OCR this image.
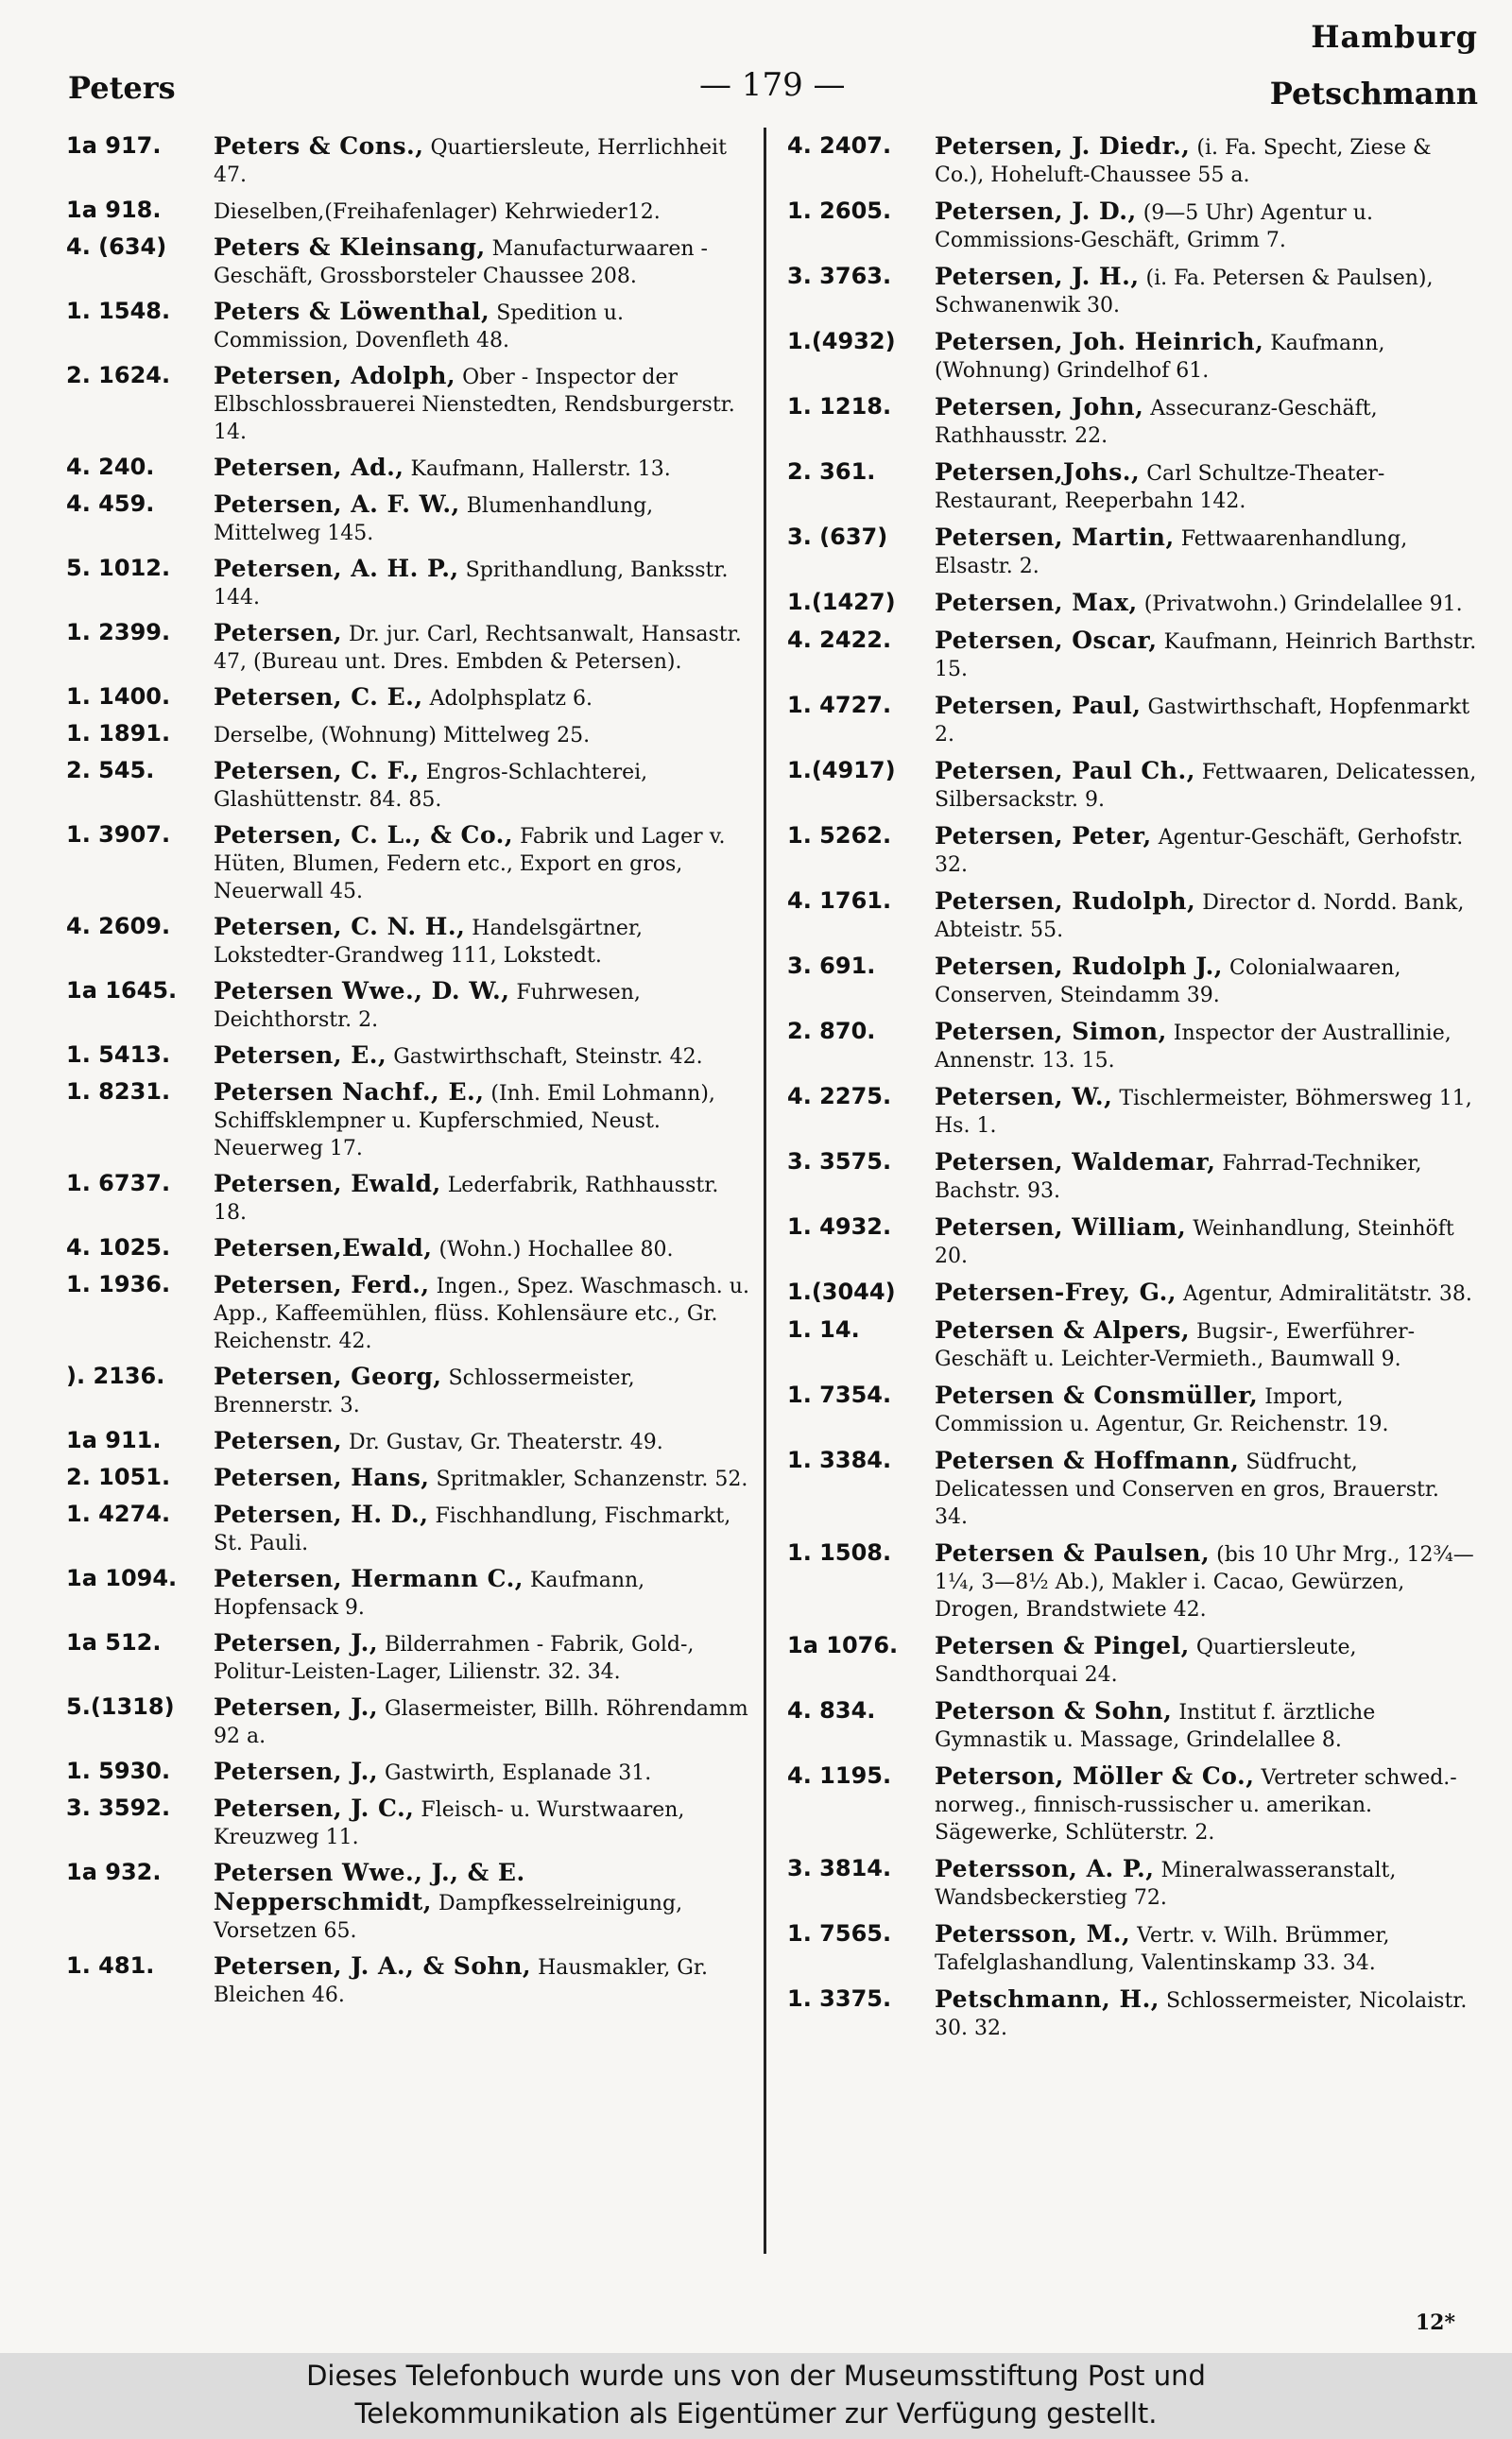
Hamburg
Peters	— 179 —	Petschmann
1a 917.	Peters & Cons., Quartiersleute, Herrlichheit 47.
1a 918.	Dieselben,(Freihafenlager) Kehrwieder12.
4. (634)	Peters & Kleinsang, Manufacturwaaren - Geschäft, Grossborsteler Chaussee 208.
1. 1548.	Peters & Löwenthal, Spedition u. Commission, Dovenfleth 48.
2. 1624.	Petersen, Adolph, Ober - Inspector der Elbschlossbrauerei Nienstedten, Rendsburgerstr. 14.
4. 240.	Petersen, Ad., Kaufmann, Hallerstr. 13.
4. 459.	Petersen, A. F. W., Blumenhandlung, Mittelweg 145.
5. 1012.	Petersen, A. H. P., Sprithandlung, Banksstr. 144.
1. 2399.	Petersen, Dr. jur. Carl, Rechtsanwalt, Hansastr. 47, (Bureau unt. Dres. Embden & Petersen).
1. 1400.	Petersen, C. E., Adolphsplatz 6.
1. 1891.	Derselbe, (Wohnung) Mittelweg 25.
2. 545.	Petersen, C. F., Engros-Schlachterei, Glashüttenstr. 84. 85.
1. 3907.	Petersen, C. L., & Co., Fabrik und Lager v. Hüten, Blumen, Federn etc., Export en gros, Neuerwall 45.
4. 2609.	Petersen, C. N. H., Handelsgärtner, Lokstedter-Grandweg 111, Lokstedt.
1a 1645.	Petersen Wwe., D. W., Fuhrwesen, Deichthorstr. 2.
1. 5413.	Petersen, E., Gastwirthschaft, Steinstr. 42.
1. 8231.	Petersen Nachf., E., (Inh. Emil Lohmann), Schiffsklempner u. Kupferschmied, Neust. Neuerweg 17.
1. 6737.	Petersen, Ewald, Lederfabrik, Rathhausstr. 18.
4. 1025.	Petersen,Ewald, (Wohn.) Hochallee 80.
1. 1936.	Petersen, Ferd., Ingen., Spez. Waschmasch. u. App., Kaffeemühlen, flüss. Kohlensäure etc., Gr. Reichenstr. 42.
). 2136.	Petersen, Georg, Schlossermeister, Brennerstr. 3.
1a 911.	Petersen, Dr. Gustav, Gr. Theaterstr. 49.
2. 1051.	Petersen, Hans, Spritmakler, Schanzenstr. 52.
1. 4274.	Petersen, H. D., Fischhandlung, Fischmarkt, St. Pauli.
1a 1094.	Petersen, Hermann C., Kaufmann, Hopfensack 9.
1a 512.	Petersen, J., Bilderrahmen - Fabrik, Gold-, Politur-Leisten-Lager, Lilienstr. 32. 34.
5.(1318)	Petersen, J., Glasermeister, Billh. Röhrendamm 92 a.
1. 5930.	Petersen, J., Gastwirth, Esplanade 31.
3. 3592.	Petersen, J. C., Fleisch- u. Wurstwaaren, Kreuzweg 11.
1a 932.	Petersen Wwe., J., & E. Nepperschmidt, Dampfkesselreinigung, Vorsetzen 65.
1. 481.	Petersen, J. A., & Sohn, Hausmakler, Gr. Bleichen 46.
4. 2407.	Petersen, J. Diedr., (i. Fa. Specht, Ziese & Co.), Hoheluft-Chaussee 55 a.
1. 2605.	Petersen, J. D., (9—5 Uhr) Agentur u. Commissions-Geschäft, Grimm 7.
3. 3763.	Petersen, J. H., (i. Fa. Petersen & Paulsen), Schwanenwik 30.
1.(4932)	Petersen, Joh. Heinrich, Kaufmann, (Wohnung) Grindelhof 61.
1. 1218.	Petersen, John, Assecuranz-Geschäft, Rathhausstr. 22.
2. 361.	Petersen,Johs., Carl Schultze-Theater-Restaurant, Reeperbahn 142.
3. (637)	Petersen, Martin, Fettwaarenhandlung, Elsastr. 2.
1.(1427)	Petersen, Max, (Privatwohn.) Grindelallee 91.
4. 2422.	Petersen, Oscar, Kaufmann, Heinrich Barthstr. 15.
1. 4727.	Petersen, Paul, Gastwirthschaft, Hopfenmarkt 2.
1.(4917)	Petersen, Paul Ch., Fettwaaren, Delicatessen, Silbersackstr. 9.
1. 5262.	Petersen, Peter, Agentur-Geschäft, Gerhofstr. 32.
4. 1761.	Petersen, Rudolph, Director d. Nordd. Bank, Abteistr. 55.
3. 691.	Petersen, Rudolph J., Colonialwaaren, Conserven, Steindamm 39.
2. 870.	Petersen, Simon, Inspector der Australlinie, Annenstr. 13. 15.
4. 2275.	Petersen, W., Tischlermeister, Böhmersweg 11, Hs. 1.
3. 3575.	Petersen, Waldemar, Fahrrad-Techniker, Bachstr. 93.
1. 4932.	Petersen, William, Weinhandlung, Steinhöft 20.
1.(3044)	Petersen-Frey, G., Agentur, Admiralitätstr. 38.
1. 14.	Petersen & Alpers, Bugsir-, Ewerführer-Geschäft u. Leichter-Vermieth., Baumwall 9.
1. 7354.	Petersen & Consmüller, Import, Commission u. Agentur, Gr. Reichenstr. 19.
1. 3384.	Petersen & Hoffmann, Südfrucht, Delicatessen und Conserven en gros, Brauerstr. 34.
1. 1508.	Petersen & Paulsen, (bis 10 Uhr Mrg., 12¾—1¼, 3—8½ Ab.), Makler i. Cacao, Gewürzen, Drogen, Brandstwiete 42.
1a 1076.	Petersen & Pingel, Quartiersleute, Sandthorquai 24.
4. 834.	Peterson & Sohn, Institut f. ärztliche Gymnastik u. Massage, Grindelallee 8.
4. 1195.	Peterson, Möller & Co., Vertreter schwed.-norweg., finnisch-russischer u. amerikan. Sägewerke, Schlüterstr. 2.
3. 3814.	Petersson, A. P., Mineralwasseranstalt, Wandsbeckerstieg 72.
1. 7565.	Petersson, M., Vertr. v. Wilh. Brümmer, Tafelglashandlung, Valentinskamp 33. 34.
1. 3375.	Petschmann, H., Schlossermeister, Nicolaistr. 30. 32.
12*
Dieses Telefonbuch wurde uns von der Museumsstiftung Post und
Telekommunikation als Eigentümer zur Verfügung gestellt.
